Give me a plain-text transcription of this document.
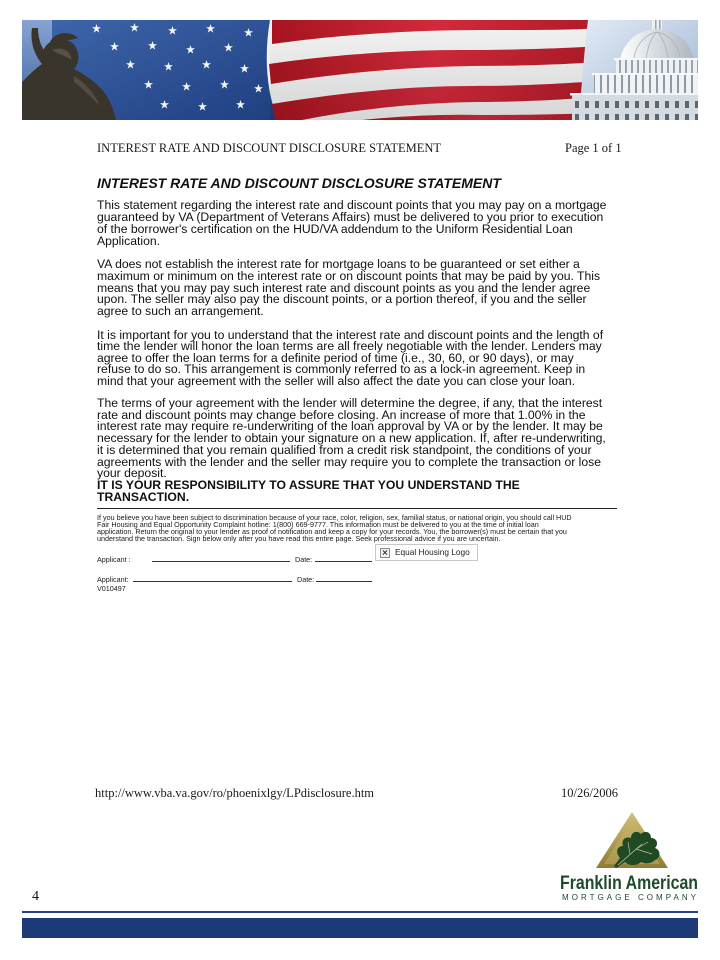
INTEREST RATE AND DISCOUNT DISCLOSURE STATEMENT	Page 1 of 1
INTEREST RATE AND DISCOUNT DISCLOSURE STATEMENT
This statement regarding the interest rate and discount points that you may pay on a mortgage
guaranteed by VA (Department of Veterans Affairs) must be delivered to you prior to execution
of the borrower's certification on the HUD/VA addendum to the Uniform Residential Loan
Application.
VA does not establish the interest rate for mortgage loans to be guaranteed or set either a
maximum or minimum on the interest rate or on discount points that may be paid by you. This
means that you may pay such interest rate and discount points as you and the lender agree
upon. The seller may also pay the discount points, or a portion thereof, if you and the seller
agree to such an arrangement.
It is important for you to understand that the interest rate and discount points and the length of
time the lender will honor the loan terms are all freely negotiable with the lender. Lenders may
agree to offer the loan terms for a definite period of time (i.e., 30, 60, or 90 days), or may
refuse to do so. This arrangement is commonly referred to as a lock-in agreement. Keep in
mind that your agreement with the seller will also affect the date you can close your loan.
The terms of your agreement with the lender will determine the degree, if any, that the interest
rate and discount points may change before closing. An increase of more that 1.00% in the
interest rate may require re-underwriting of the loan approval by VA or by the lender. It may be
necessary for the lender to obtain your signature on a new application. If, after re-underwriting,
it is determined that you remain qualified from a credit risk standpoint, the conditions of your
agreements with the lender and the seller may require you to complete the transaction or lose
your deposit.
IT IS YOUR RESPONSIBILITY TO ASSURE THAT YOU UNDERSTAND THE
TRANSACTION.
If you believe you have been subject to discrimination because of your race, color, religion, sex, familial status, or national origin, you should call HUD
Fair Housing and Equal Opportunity Complaint hotline: 1(800) 669-9777. This information must be delivered to you at the time of initial loan
application. Return the original to your lender as proof of notification and keep a copy for your records. You, the borrower(s) must be certain that you
understand the transaction. Sign below only after you have read this entire page. Seek professional advice if you are uncertain.
Equal Housing Logo
Applicant :	Date:
Applicant:	Date:
V010497
http://www.vba.va.gov/ro/phoenixlgy/LPdisclosure.htm	10/26/2006
4
Franklin American
MORTGAGE COMPANY
